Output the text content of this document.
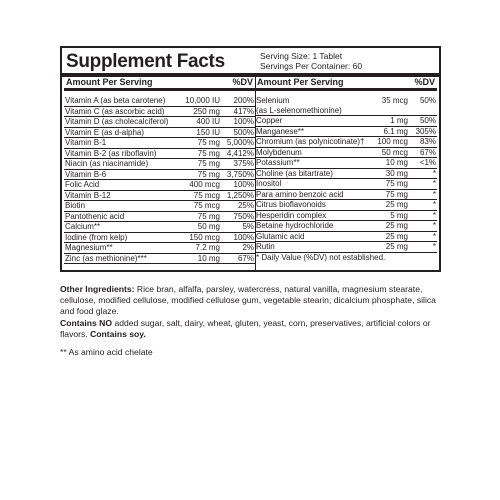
Supplement Facts	Serving Size: 1 Tablet
Servings Per Container: 60
Amount Per Serving	%DV
Vitamin A (as beta carotene)	10,000 IU	200%
Vitamin C (as ascorbic acid)	250 mg	417%
Vitamin D (as cholecalciferol)	400 IU	100%
Vitamin E (as d-alpha)	150 IU	500%
Vitamin B-1	75 mg 5,000%
Vitamin B-2 (as riboflavin)	75 mg 4,412%
Niacin (as niacinamide)	75 mg	375%
Vitamin B-6	75 mg 3,750%
Folic Acid	400 mcg	100%
Vitamin B-12	75 mcg 1,250%
Biotin	75 mcg	25%
Pantothenic acid	75 mg	750%
Calcium**	50 mg	5%
Iodine (from kelp)	150 mcg	100%
Magnesium**	7.2 mg	2%
Zinc (as methionine)***	10 mg	67%
Amount Per Serving	%DV
Selenium
(as L-selenomethionine)
35 mcg	50%
Copper	1 mg	50%
Manganese**	6.1 mg 305%
Chromium (as polynicotinate)†	100 mcg	83%
Molybdenum	50 mcg	67%
Potassium**	10 mg	<1%
Choline (as bitartrate)	30 mg	*
Inositol	75 mg	*
Para amino benzoic acid	75 mg	*
Citrus bioflavonoids	25 mg	*
Hesperidin complex	5 mg	*
Betaine hydrochloride	25 mg	*
Glutamic acid	25 mg	*
Rutin	25 mg	*
* Daily Value (%DV) not established.
Other Ingredients: Rice bran, alfalfa, parsley, watercress, natural vanilla, magnesium stearate, cellulose, modified cellulose, modified cellulose gum, vegetable stearin, dicalcium phosphate, silica and food glaze.
Contains NO added sugar, salt, dairy, wheat, gluten, yeast, corn, preservatives, artificial colors or flavors. Contains soy.
** As amino acid chelate
